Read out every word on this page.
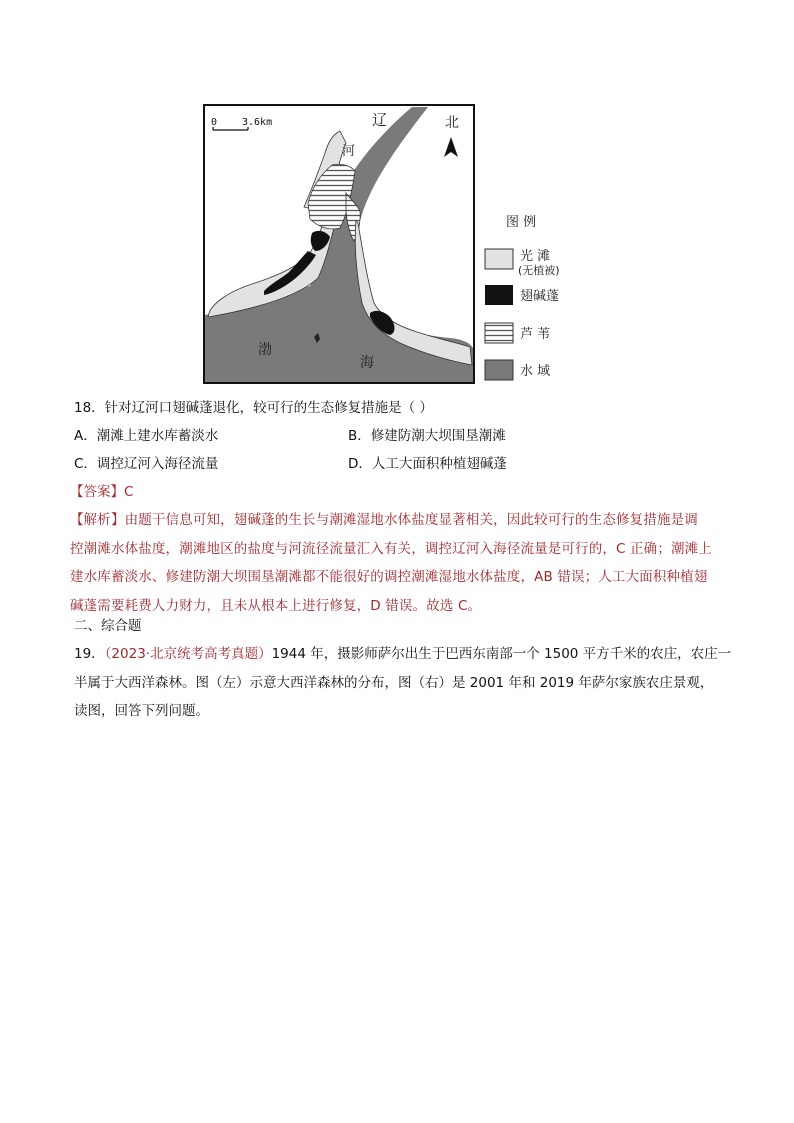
0 3.6km	北
辽
河
渤
海
图 例
光 滩
(无植被)
翅碱蓬
芦 苇
水 域
18．针对辽河口翅碱蓬退化，较可行的生态修复措施是（ ）
A．潮滩上建水库蓄淡水	B．修建防潮大坝围垦潮滩
C．调控辽河入海径流量	D．人工大面积种植翅碱蓬
【答案】C
【解析】由题干信息可知，翅碱蓬的生长与潮滩湿地水体盐度显著相关，因此较可行的生态修复措施是调
控潮滩水体盐度，潮滩地区的盐度与河流径流量汇入有关，调控辽河入海径流量是可行的，C 正确；潮滩上
建水库蓄淡水、修建防潮大坝围垦潮滩都不能很好的调控潮滩湿地水体盐度，AB 错误；人工大面积种植翅
碱蓬需要耗费人力财力，且未从根本上进行修复，D 错误。故选 C。
二、综合题
19．（2023·北京统考高考真题）1944 年，摄影师萨尔出生于巴西东南部一个 1500 平方千米的农庄，农庄一
半属于大西洋森林。图（左）示意大西洋森林的分布，图（右）是 2001 年和 2019 年萨尔家族农庄景观，
读图，回答下列问题。
